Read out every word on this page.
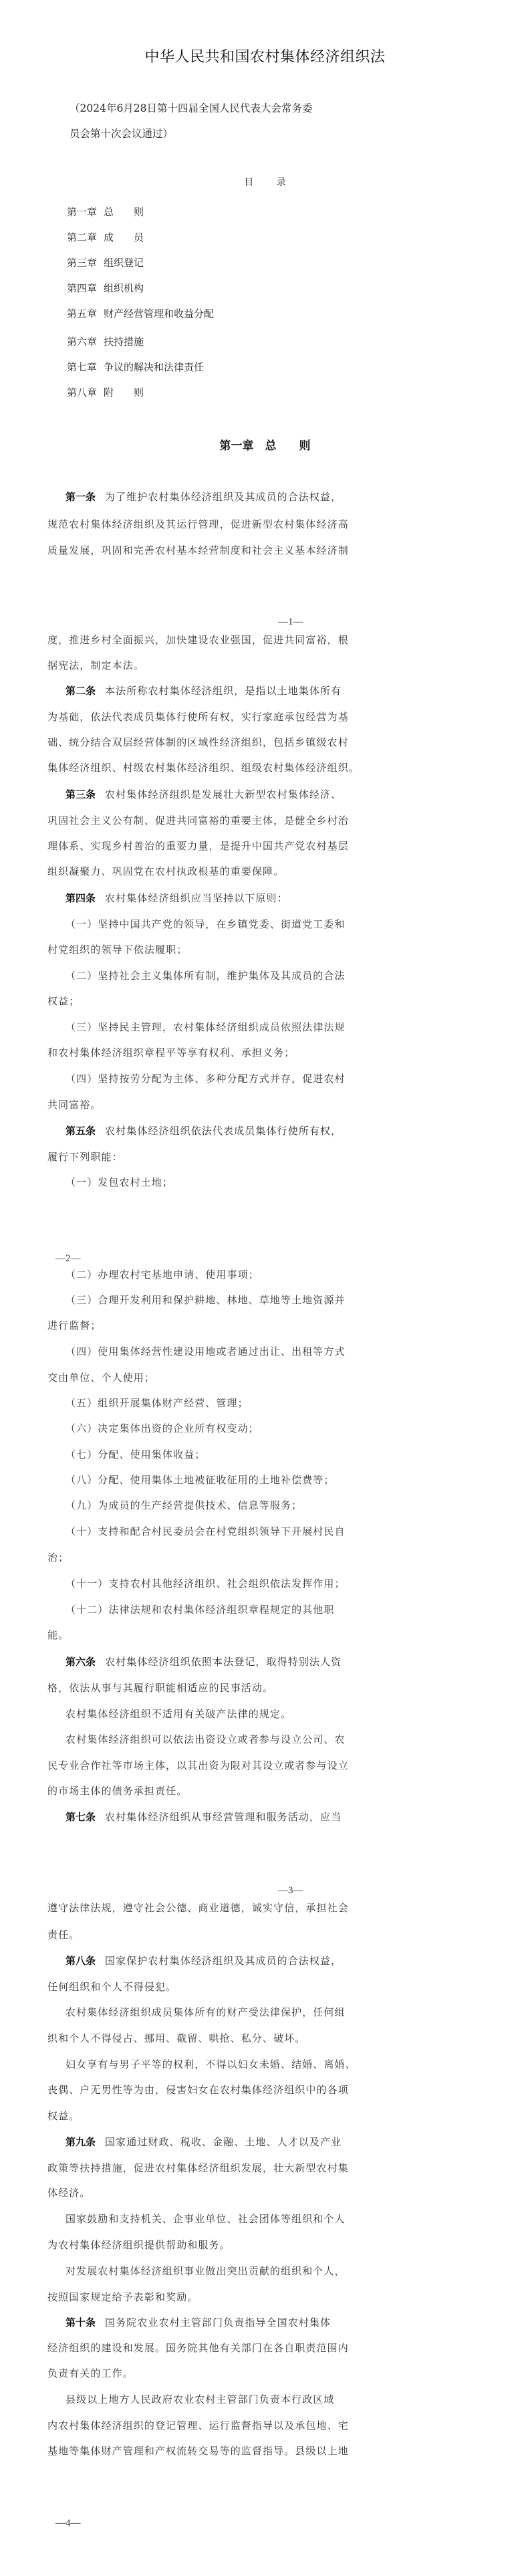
中华人民共和国农村集体经济组织法
（2024年6月28日第十四届全国人民代表大会常务委
员会第十次会议通过）
目 录
第一章 总　　则
第二章 成　　员
第三章 组织登记
第四章 组织机构
第五章 财产经营管理和收益分配
第六章 扶持措施
第七章 争议的解决和法律责任
第八章 附　　则
第一章　总　　则
第一条 为了维护农村集体经济组织及其成员的合法权益，
规范农村集体经济组织及其运行管理，促进新型农村集体经济高
质量发展，巩固和完善农村基本经营制度和社会主义基本经济制
—1—
度，推进乡村全面振兴，加快建设农业强国，促进共同富裕，根
据宪法，制定本法。
第二条 本法所称农村集体经济组织，是指以土地集体所有
为基础，依法代表成员集体行使所有权，实行家庭承包经营为基
础、统分结合双层经营体制的区域性经济组织，包括乡镇级农村
集体经济组织、村级农村集体经济组织、组级农村集体经济组织。
第三条 农村集体经济组织是发展壮大新型农村集体经济、
巩固社会主义公有制、促进共同富裕的重要主体，是健全乡村治
理体系、实现乡村善治的重要力量，是提升中国共产党农村基层
组织凝聚力、巩固党在农村执政根基的重要保障。
第四条 农村集体经济组织应当坚持以下原则：
（一）坚持中国共产党的领导，在乡镇党委、街道党工委和
村党组织的领导下依法履职；
（二）坚持社会主义集体所有制，维护集体及其成员的合法
权益；
（三）坚持民主管理，农村集体经济组织成员依照法律法规
和农村集体经济组织章程平等享有权利、承担义务；
（四）坚持按劳分配为主体、多种分配方式并存，促进农村
共同富裕。
第五条 农村集体经济组织依法代表成员集体行使所有权，
履行下列职能：
（一）发包农村土地；
—2—
（二）办理农村宅基地申请、使用事项；
（三）合理开发利用和保护耕地、林地、草地等土地资源并
进行监督；
（四）使用集体经营性建设用地或者通过出让、出租等方式
交由单位、个人使用；
（五）组织开展集体财产经营、管理；
（六）决定集体出资的企业所有权变动；
（七）分配、使用集体收益；
（八）分配、使用集体土地被征收征用的土地补偿费等；
（九）为成员的生产经营提供技术、信息等服务；
（十）支持和配合村民委员会在村党组织领导下开展村民自
治；
（十一）支持农村其他经济组织、社会组织依法发挥作用；
（十二）法律法规和农村集体经济组织章程规定的其他职
能。
第六条 农村集体经济组织依照本法登记，取得特别法人资
格，依法从事与其履行职能相适应的民事活动。
农村集体经济组织不适用有关破产法律的规定。
农村集体经济组织可以依法出资设立或者参与设立公司、农
民专业合作社等市场主体，以其出资为限对其设立或者参与设立
的市场主体的债务承担责任。
第七条 农村集体经济组织从事经营管理和服务活动，应当
—3—
遵守法律法规，遵守社会公德、商业道德，诚实守信，承担社会
责任。
第八条 国家保护农村集体经济组织及其成员的合法权益，
任何组织和个人不得侵犯。
农村集体经济组织成员集体所有的财产受法律保护，任何组
织和个人不得侵占、挪用、截留、哄抢、私分、破坏。
妇女享有与男子平等的权利，不得以妇女未婚、结婚、离婚、
丧偶、户无男性等为由，侵害妇女在农村集体经济组织中的各项
权益。
第九条 国家通过财政、税收、金融、土地、人才以及产业
政策等扶持措施，促进农村集体经济组织发展，壮大新型农村集
体经济。
国家鼓励和支持机关、企事业单位、社会团体等组织和个人
为农村集体经济组织提供帮助和服务。
对发展农村集体经济组织事业做出突出贡献的组织和个人，
按照国家规定给予表彰和奖励。
第十条 国务院农业农村主管部门负责指导全国农村集体
经济组织的建设和发展。国务院其他有关部门在各自职责范围内
负责有关的工作。
县级以上地方人民政府农业农村主管部门负责本行政区域
内农村集体经济组织的登记管理、运行监督指导以及承包地、宅
基地等集体财产管理和产权流转交易等的监督指导。县级以上地
—4—
